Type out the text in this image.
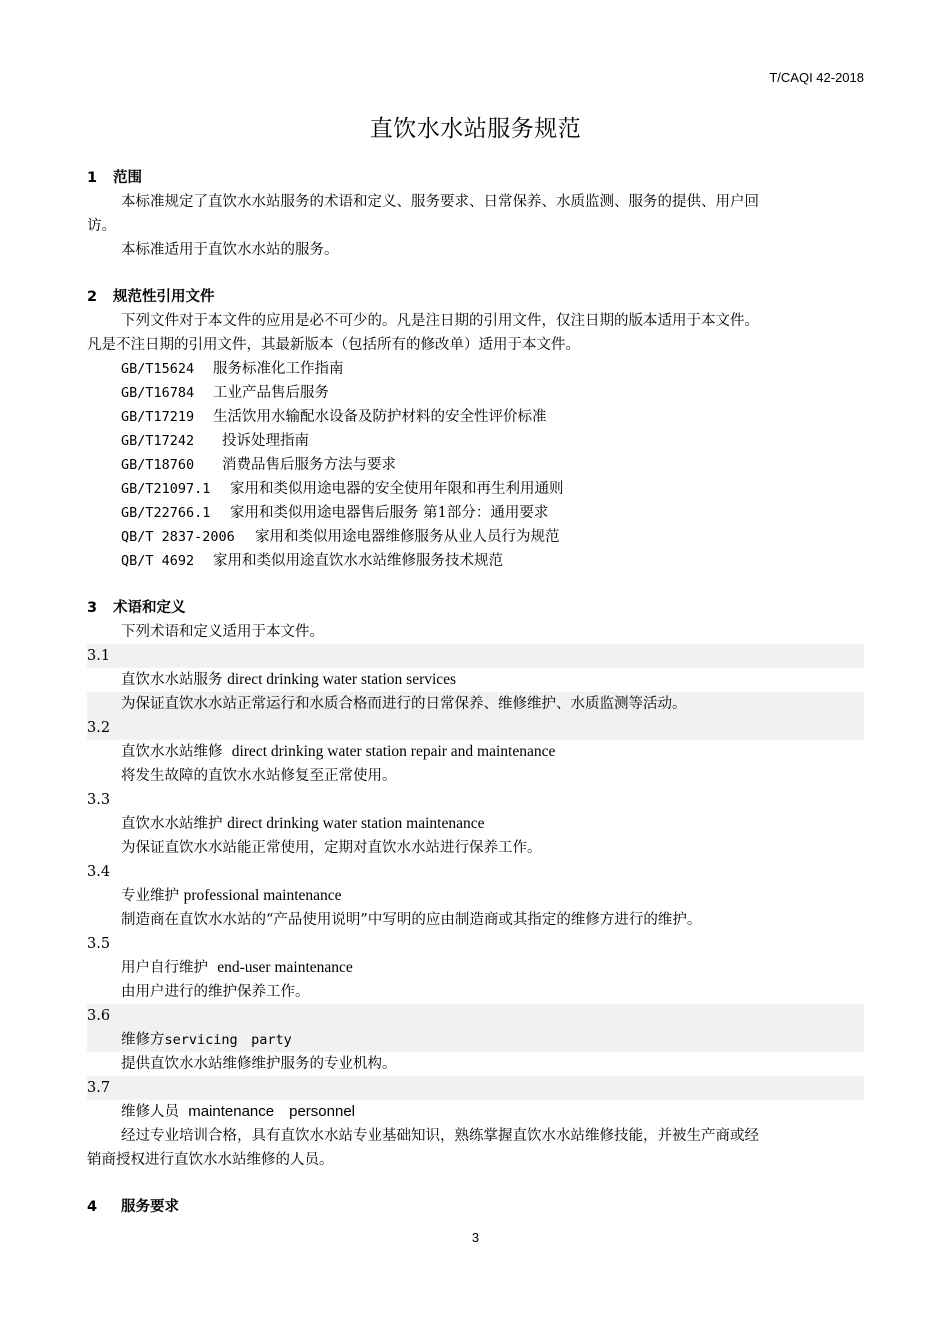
T/CAQI 42-2018
直饮水水站服务规范
1 范围
本标准规定了直饮水水站服务的术语和定义、服务要求、日常保养、水质监测、服务的提供、用户回
访。
本标准适用于直饮水水站的服务。
2 规范性引用文件
下列文件对于本文件的应用是必不可少的。凡是注日期的引用文件，仅注日期的版本适用于本文件。
凡是不注日期的引用文件，其最新版本（包括所有的修改单）适用于本文件。
GB/T15624 服务标准化工作指南
GB/T16784 工业产品售后服务
GB/T17219 生活饮用水输配水设备及防护材料的安全性评价标准
GB/T17242 投诉处理指南
GB/T18760 消费品售后服务方法与要求
GB/T21097.1 家用和类似用途电器的安全使用年限和再生利用通则
GB/T22766.1 家用和类似用途电器售后服务 第1部分：通用要求
QB/T 2837-2006 家用和类似用途电器维修服务从业人员行为规范
QB/T 4692 家用和类似用途直饮水水站维修服务技术规范
3 术语和定义
下列术语和定义适用于本文件。
3.1
直饮水水站服务 direct drinking water station services
为保证直饮水水站正常运行和水质合格而进行的日常保养、维修维护、水质监测等活动。
3.2
直饮水水站维修 direct drinking water station repair and maintenance
将发生故障的直饮水水站修复至正常使用。
3.3
直饮水水站维护 direct drinking water station maintenance
为保证直饮水水站能正常使用，定期对直饮水水站进行保养工作。
3.4
专业维护 professional maintenance
制造商在直饮水水站的“产品使用说明”中写明的应由制造商或其指定的维修方进行的维护。
3.5
用户自行维护 end-user maintenance
由用户进行的维护保养工作。
3.6
维修方servicing　party
提供直饮水水站维修维护服务的专业机构。
3.7
维修人员 maintenance　personnel
经过专业培训合格，具有直饮水水站专业基础知识，熟练掌握直饮水水站维修技能，并被生产商或经
销商授权进行直饮水水站维修的人员。
4 服务要求
3
